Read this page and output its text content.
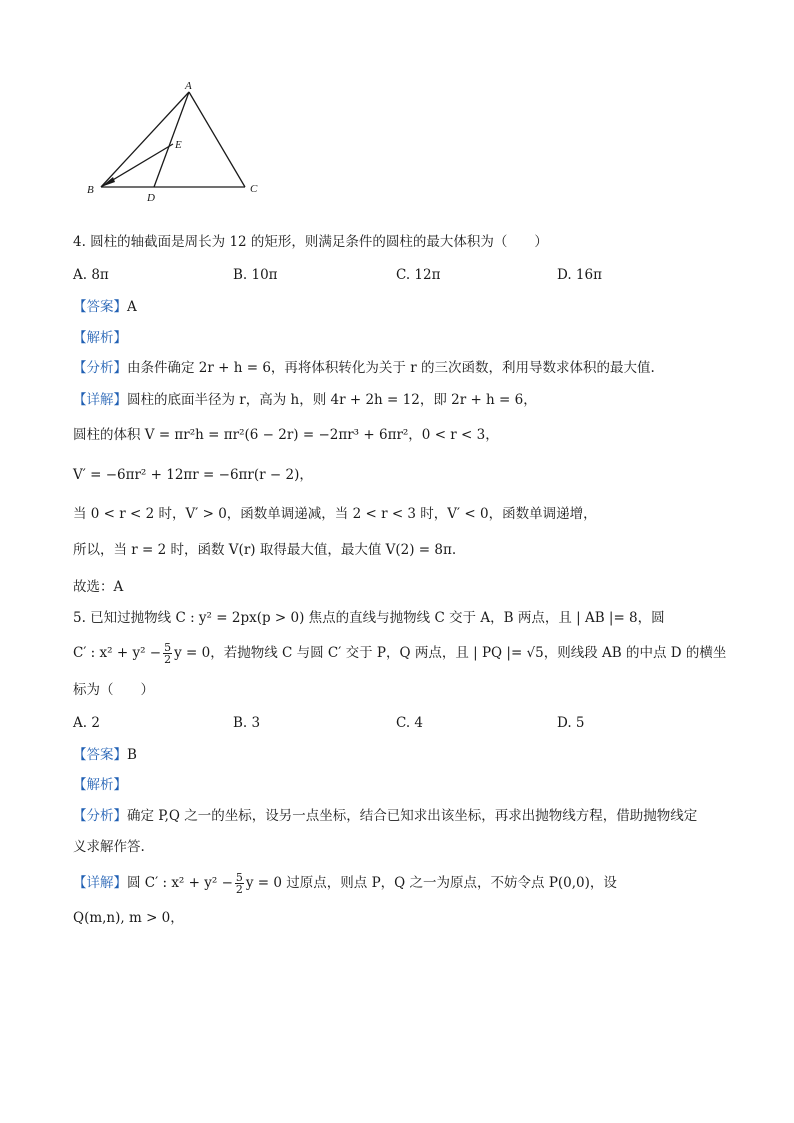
A
B	C
D
E
4. 圆柱的轴截面是周长为 12 的矩形，则满足条件的圆柱的最大体积为（　　）
A. 8π	B. 10π	C. 12π	D. 16π
【答案】A
【解析】
【分析】由条件确定 2r + h = 6，再将体积转化为关于 r 的三次函数，利用导数求体积的最大值.
【详解】圆柱的底面半径为 r，高为 h，则 4r + 2h = 12，即 2r + h = 6，
圆柱的体积 V = πr²h = πr²(6 − 2r) = −2πr³ + 6πr²，0 < r < 3，
V′ = −6πr² + 12πr = −6πr(r − 2)，
当 0 < r < 2 时，V′ > 0，函数单调递减，当 2 < r < 3 时，V′ < 0，函数单调递增，
所以，当 r = 2 时，函数 V(r) 取得最大值，最大值 V(2) = 8π.
故选：A
5. 已知过抛物线 C : y² = 2px(p > 0) 焦点的直线与抛物线 C 交于 A，B 两点，且 | AB |= 8，圆
C′ : $x^2 + y^2 - \frac{5}{2}$ y = 0，若抛物线 C 与圆 C′ 交于 P，Q 两点，且 | PQ |= √5，则线段 AB 的中点 D 的横坐
标为（　　）
A. 2	B. 3	C. 4	D. 5
【答案】B
【解析】
【分析】确定 P,Q 之一的坐标，设另一点坐标，结合已知求出该坐标，再求出抛物线方程，借助抛物线定
义求解作答.
【详解】圆 C′ : $x^2 + y^2 - \frac{5}{2}$ y = 0 过原点，则点 P，Q 之一为原点，不妨令点 P(0,0)，设
Q(m,n), m > 0，
